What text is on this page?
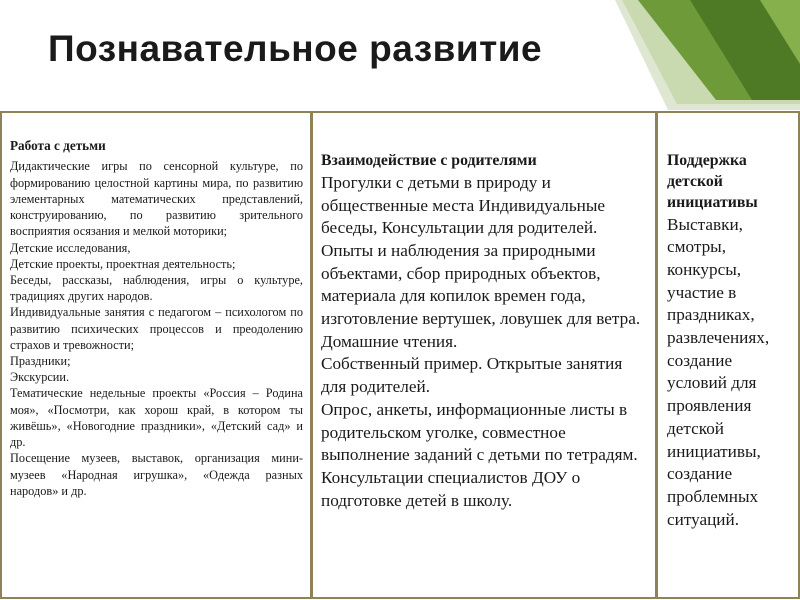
Познавательное развитие
Работа с детьми
Дидактические игры по сенсорной культуре, по формированию целостной картины мира, по развитию элементарных математических представлений, конструированию, по развитию зрительного восприятия осязания и мелкой моторики;
Детские исследования,
Детские проекты, проектная деятельность;
Беседы, рассказы, наблюдения, игры о культуре, традициях других народов.
Индивидуальные занятия с педагогом – психологом по развитию психических процессов и преодолению страхов и тревожности;
Праздники;
Экскурсии.
Тематические недельные проекты «Россия – Родина моя», «Посмотри, как хорош край, в котором ты живёшь», «Новогодние праздники», «Детский сад» и др.
Посещение музеев, выставок, организация мини-музеев «Народная игрушка», «Одежда разных народов» и др.
Взаимодействие с родителями
Прогулки с детьми в природу и общественные места Индивидуальные беседы, Консультации для родителей.
Опыты и наблюдения за природными объектами, сбор природных объектов, материала для копилок времен года, изготовление вертушек, ловушек для ветра. Домашние чтения.
Собственный пример. Открытые занятия для родителей.
Опрос, анкеты, информационные листы в родительском уголке, совместное выполнение заданий с детьми по тетрадям.
Консультации специалистов ДОУ о подготовке детей в школу.
Поддержка детской инициативы
Выставки, смотры, конкурсы, участие в праздниках, развлечениях, создание условий для проявления детской инициативы, создание проблемных ситуаций.
